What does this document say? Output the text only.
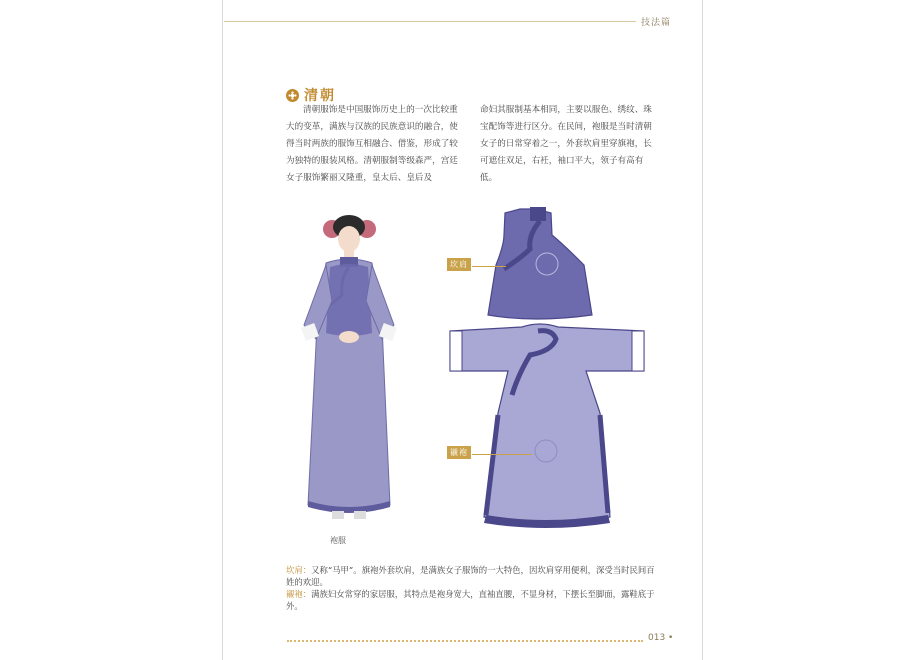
技法篇
清朝
清朝服饰是中国服饰历史上的一次比较重大的变革，满族与汉族的民族意识的融合，使得当时两族的服饰互相融合、借鉴，形成了较为独特的服装风格。清朝服制等级森严，宫廷女子服饰繁丽又隆重，皇太后、皇后及
命妇其服制基本相同，主要以服色、绣纹、珠宝配饰等进行区分。在民间，袍服是当时清朝女子的日常穿着之一，外套坎肩里穿旗袍，长可遮住双足，右衽，袖口平大，领子有高有低。
坎肩
襯袍
袍服
坎肩：又称“马甲”。旗袍外套坎肩，是满族女子服饰的一大特色，因坎肩穿用便利，深受当时民间百姓的欢迎。
襯袍：满族妇女常穿的家居服，其特点是袍身宽大，直袖直腰，不显身材，下摆长至脚面，露鞋底于外。
013 •
